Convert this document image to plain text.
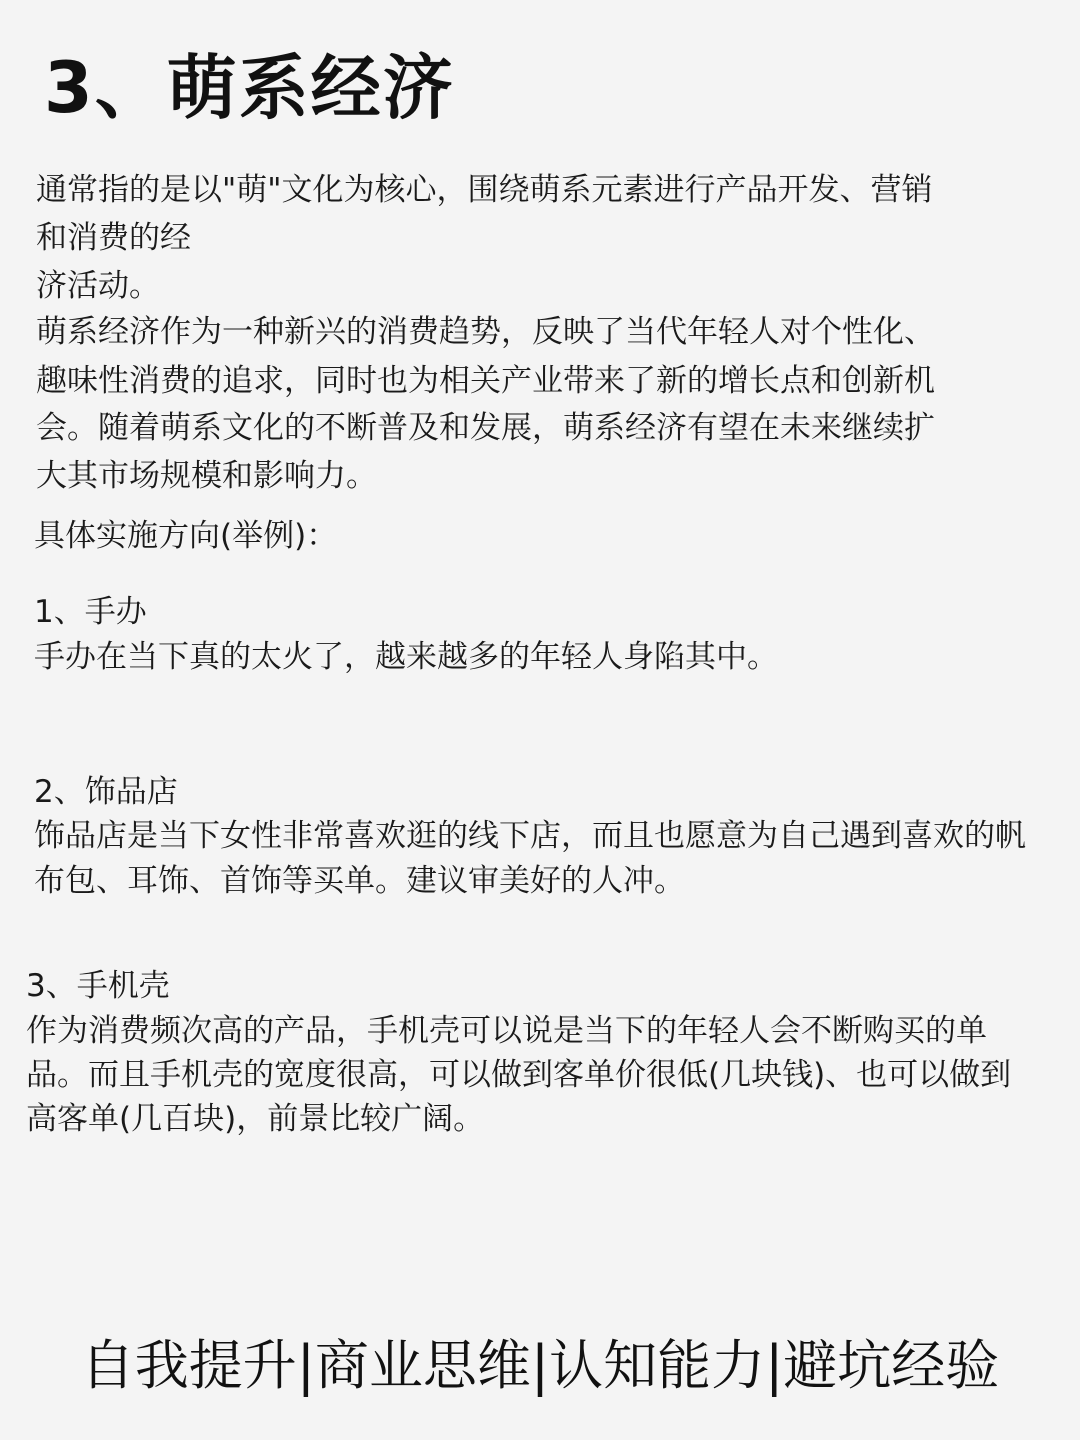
3、萌系经济
通常指的是以"萌"文化为核心，围绕萌系元素进行产品开发、营销
和消费的经
济活动。
萌系经济作为一种新兴的消费趋势，反映了当代年轻人对个性化、
趣味性消费的追求，同时也为相关产业带来了新的增长点和创新机
会。随着萌系文化的不断普及和发展，萌系经济有望在未来继续扩
大其市场规模和影响力。
具体实施方向(举例)：
1、手办
手办在当下真的太火了，越来越多的年轻人身陷其中。
2、饰品店
饰品店是当下女性非常喜欢逛的线下店，而且也愿意为自己遇到喜欢的帆
布包、耳饰、首饰等买单。建议审美好的人冲。
3、手机壳
作为消费频次高的产品，手机壳可以说是当下的年轻人会不断购买的单
品。而且手机壳的宽度很高，可以做到客单价很低(几块钱)、也可以做到
高客单(几百块)，前景比较广阔。
自我提升|商业思维|认知能力|避坑经验
